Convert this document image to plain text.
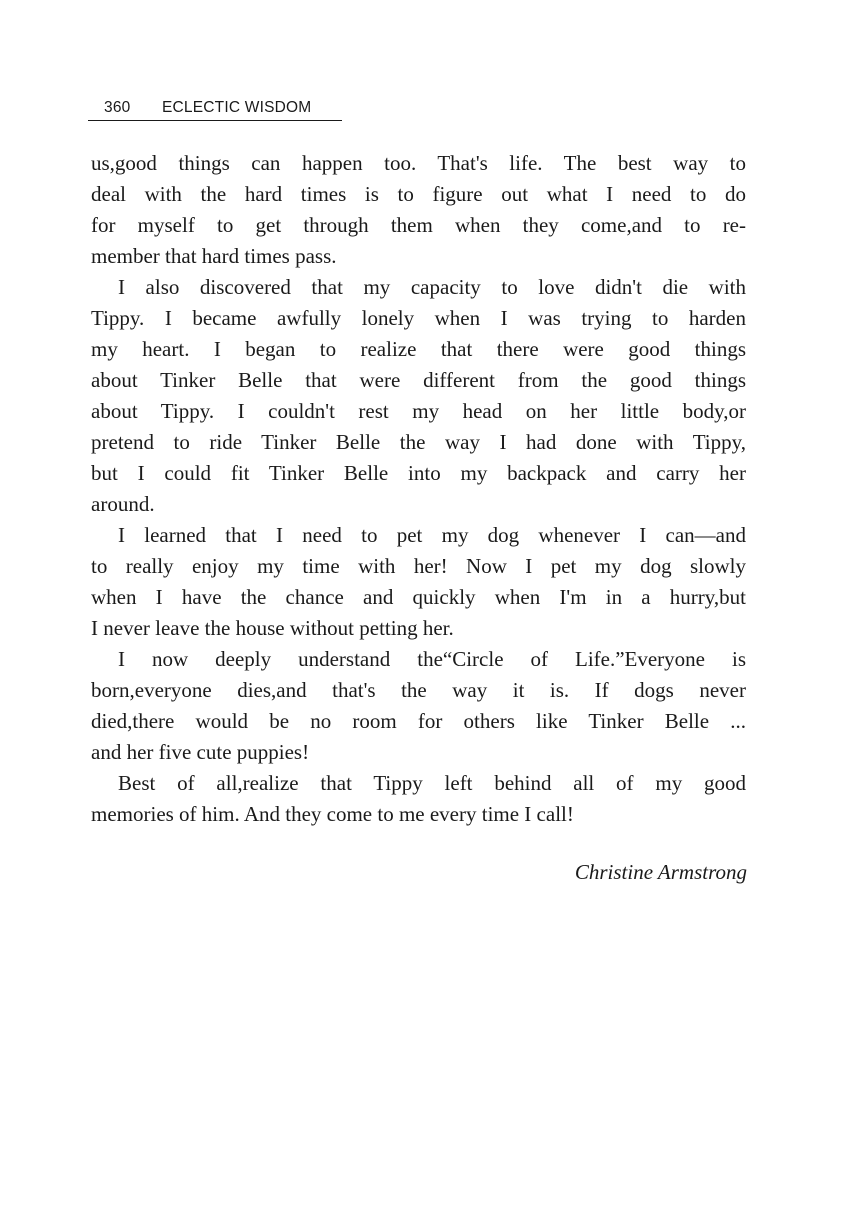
360 ECLECTIC WISDOM
us,good things can happen too. That's life. The best way to
deal with the hard times is to figure out what I need to do
for myself to get through them when they come,and to re-
member that hard times pass.
I also discovered that my capacity to love didn't die with
Tippy. I became awfully lonely when I was trying to harden
my heart. I began to realize that there were good things
about Tinker Belle that were different from the good things
about Tippy. I couldn't rest my head on her little body,or
pretend to ride Tinker Belle the way I had done with Tippy,
but I could fit Tinker Belle into my backpack and carry her
around.
I learned that I need to pet my dog whenever I can—and
to really enjoy my time with her! Now I pet my dog slowly
when I have the chance and quickly when I'm in a hurry,but
I never leave the house without petting her.
I now deeply understand the“Circle of Life.”Everyone is
born,everyone dies,and that's the way it is. If dogs never
died,there would be no room for others like Tinker Belle ...
and her five cute puppies!
Best of all,realize that Tippy left behind all of my good
memories of him. And they come to me every time I call!
Christine Armstrong
